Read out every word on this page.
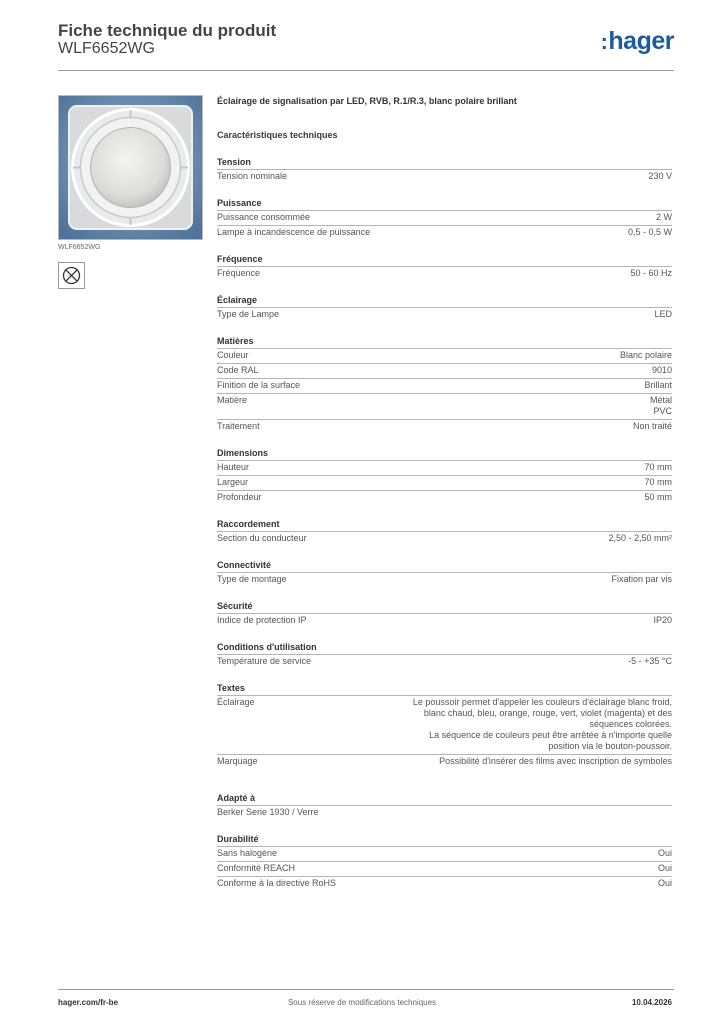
Fiche technique du produit
WLF6652WG	:hager
WLF6652WG
Éclairage de signalisation par LED, RVB, R.1/R.3, blanc polaire brillant
Caractéristiques techniques
Tension
Tension nominale	230 V
Puissance
Puissance consommée	2 W
Lampe à incandescence de puissance	0,5 - 0,5 W
Fréquence
Fréquence	50 - 60 Hz
Éclairage
Type de Lampe	LED
Matières
Couleur	Blanc polaire
Code RAL	9010
Finition de la surface	Brillant
Matière	Métal
PVC
Traitement	Non traité
Dimensions
Hauteur	70 mm
Largeur	70 mm
Profondeur	50 mm
Raccordement
Section du conducteur	2,50 - 2,50 mm²
Connectivité
Type de montage	Fixation par vis
Sécurité
Indice de protection IP	IP20
Conditions d'utilisation
Température de service	-5 - +35 °C
Textes
Éclairage	Le poussoir permet d'appeler les couleurs d'éclairage blanc froid,
blanc chaud, bleu, orange, rouge, vert, violet (magenta) et des
séquences colorées.
La séquence de couleurs peut être arrêtée à n'importe quelle
position via le bouton-poussoir.
Marquage	Possibilité d'insérer des films avec inscription de symboles
Adapté à
Berker Serie 1930 / Verre
Durabilité
Sans halogène	Oui
Conformité REACH	Oui
Conforme à la directive RoHS	Oui
hager.com/fr-be	Sous réserve de modifications techniques	10.04.2026
